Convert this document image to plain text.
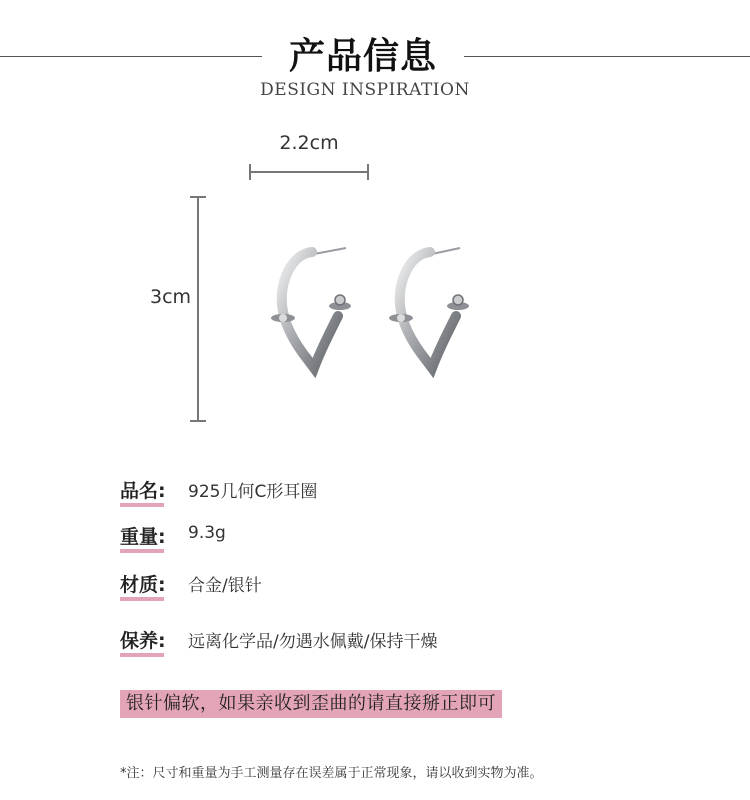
产品信息
DESIGN INSPIRATION
2.2cm
3cm
品名: 925几何C形耳圈
重量: 9.3g
材质: 合金/银针
保养: 远离化学品/勿遇水佩戴/保持干燥
银针偏软，如果亲收到歪曲的请直接掰正即可
*注：尺寸和重量为手工测量存在误差属于正常现象，请以收到实物为准。
